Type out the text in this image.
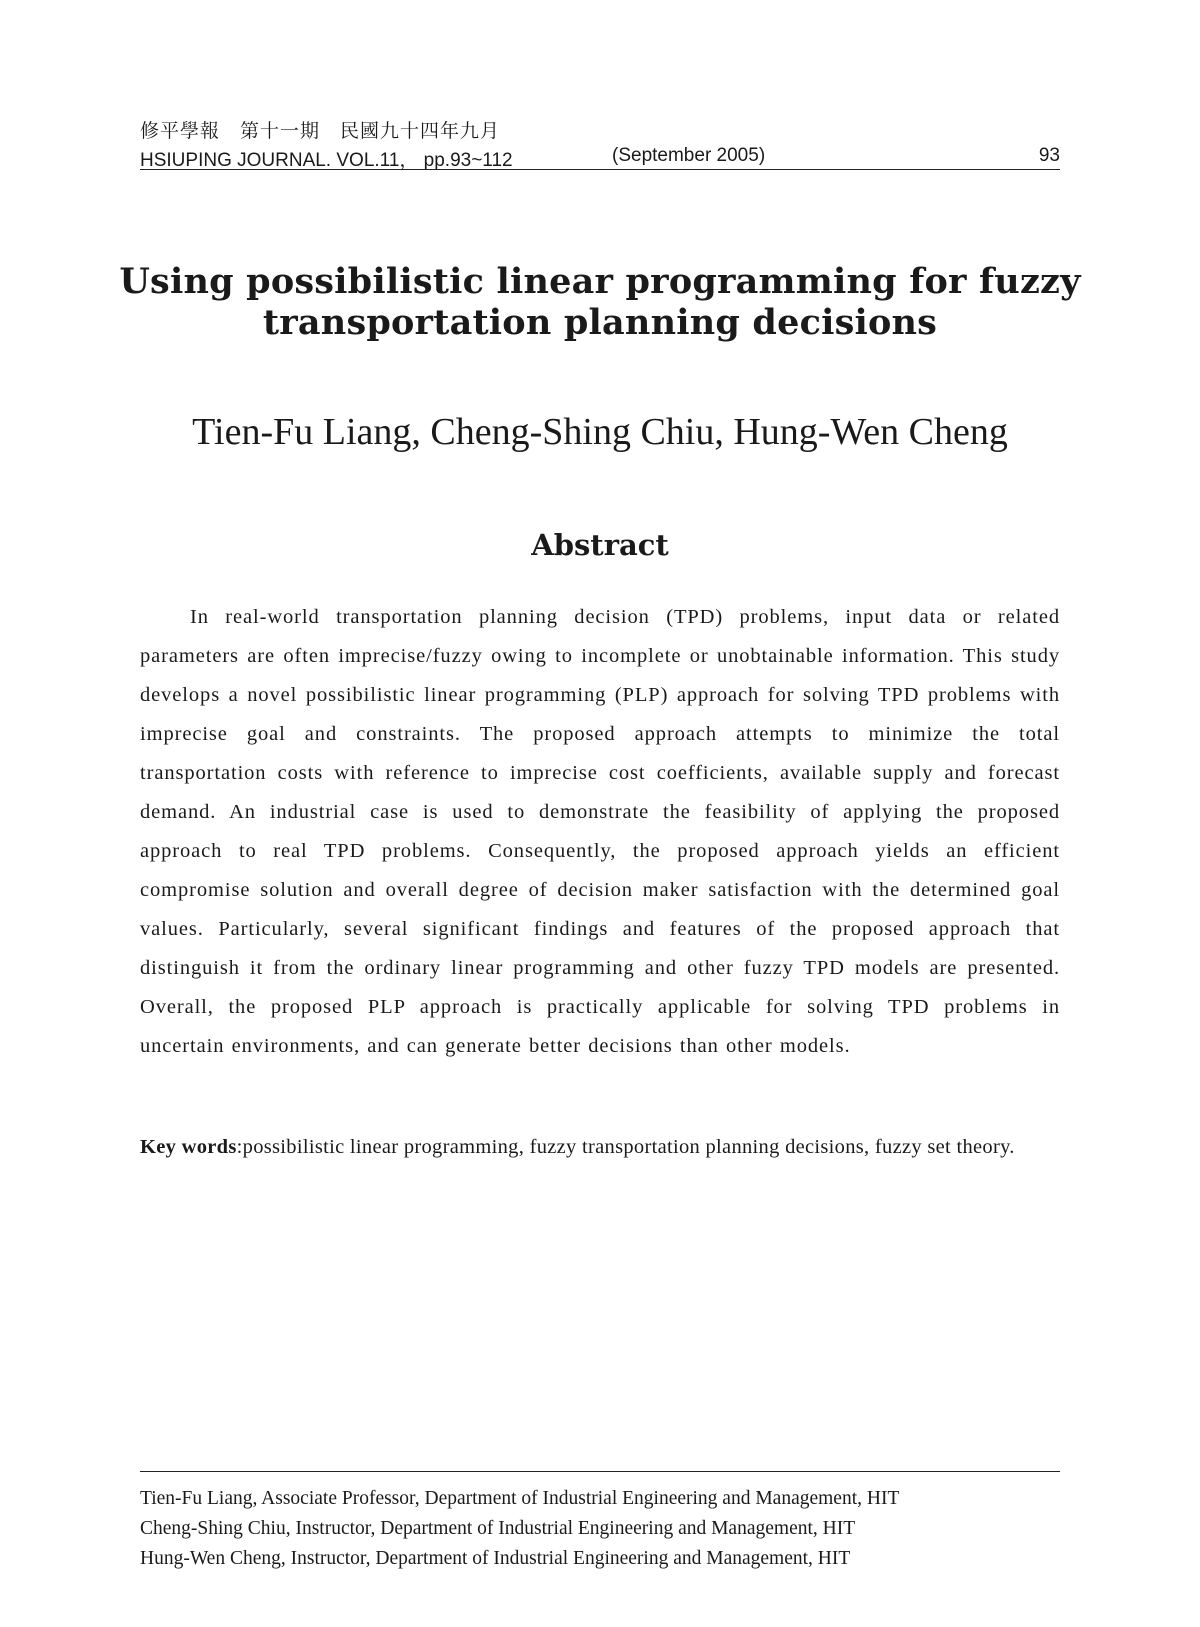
修平學報　第十一期　民國九十四年九月
HSIUPING JOURNAL. VOL.11， pp.93~112	(September 2005)	93
Using possibilistic linear programming for fuzzy transportation planning decisions
Tien-Fu Liang, Cheng-Shing Chiu, Hung-Wen Cheng
Abstract

In real-world transportation planning decision (TPD) problems, input data or related parameters are often imprecise/fuzzy owing to incomplete or unobtainable information. This study develops a novel possibilistic linear programming (PLP) approach for solving TPD problems with imprecise goal and constraints. The proposed approach attempts to minimize the total transportation costs with reference to imprecise cost coefficients, available supply and forecast demand. An industrial case is used to demonstrate the feasibility of applying the proposed approach to real TPD problems. Consequently, the proposed approach yields an efficient compromise solution and overall degree of decision maker satisfaction with the determined goal values. Particularly, several significant findings and features of the proposed approach that distinguish it from the ordinary linear programming and other fuzzy TPD models are presented. Overall, the proposed PLP approach is practically applicable for solving TPD problems in uncertain environments, and can generate better decisions than other models.

Key words:possibilistic linear programming, fuzzy transportation planning decisions, fuzzy set theory.
Tien-Fu Liang, Associate Professor, Department of Industrial Engineering and Management, HIT
Cheng-Shing Chiu, Instructor, Department of Industrial Engineering and Management, HIT
Hung-Wen Cheng, Instructor, Department of Industrial Engineering and Management, HIT
